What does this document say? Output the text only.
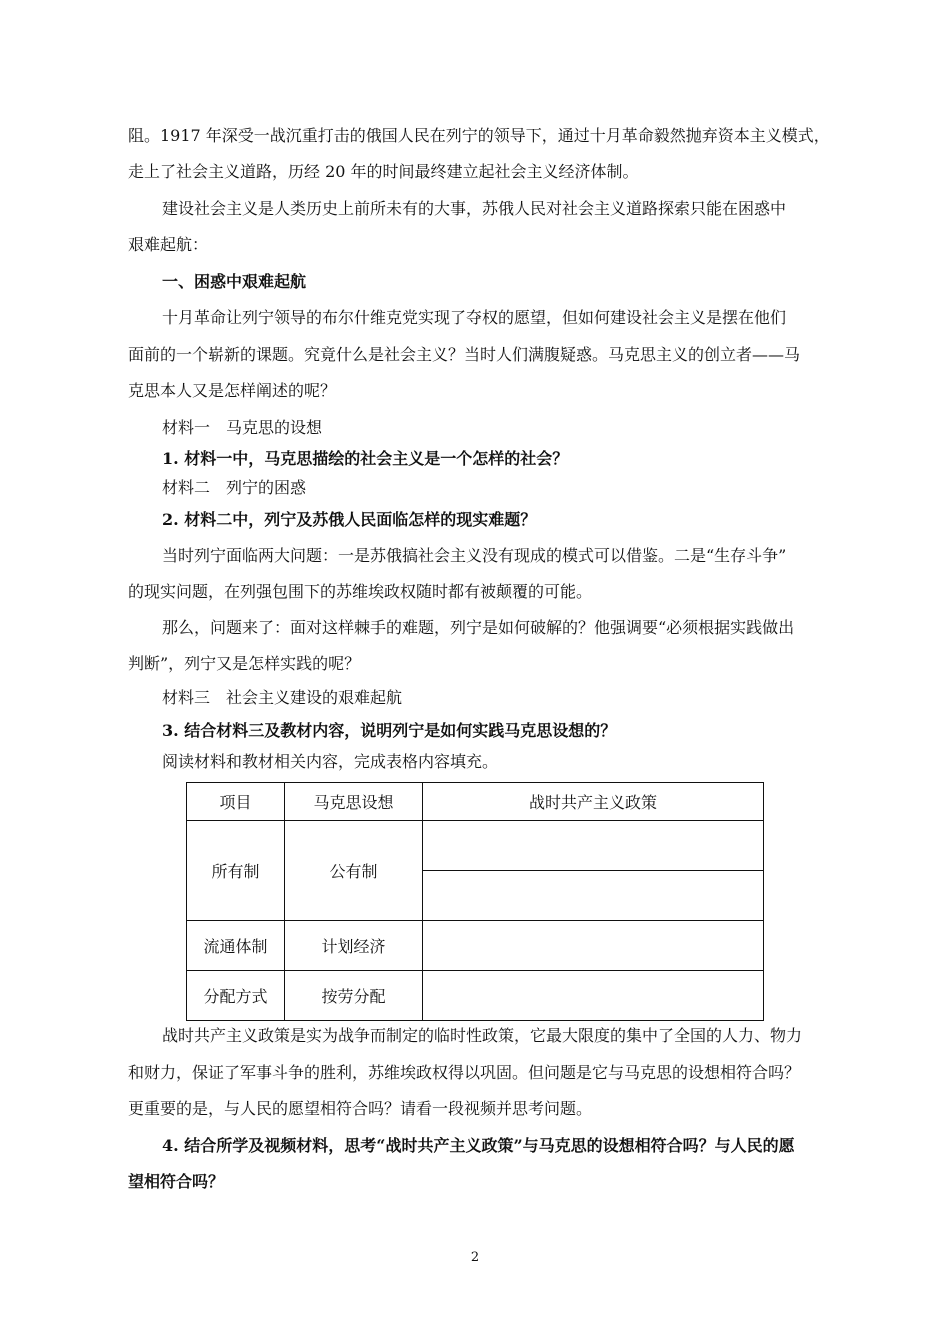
阻。1917 年深受一战沉重打击的俄国人民在列宁的领导下，通过十月革命毅然抛弃资本主义模式，
走上了社会主义道路，历经 20 年的时间最终建立起社会主义经济体制。
建设社会主义是人类历史上前所未有的大事，苏俄人民对社会主义道路探索只能在困惑中
艰难起航：
一、困惑中艰难起航
十月革命让列宁领导的布尔什维克党实现了夺权的愿望，但如何建设社会主义是摆在他们
面前的一个崭新的课题。究竟什么是社会主义？当时人们满腹疑惑。马克思主义的创立者——马
克思本人又是怎样阐述的呢？
材料一　马克思的设想
1. 材料一中，马克思描绘的社会主义是一个怎样的社会？
材料二　列宁的困惑
2. 材料二中，列宁及苏俄人民面临怎样的现实难题？
当时列宁面临两大问题：一是苏俄搞社会主义没有现成的模式可以借鉴。二是“生存斗争”
的现实问题，在列强包围下的苏维埃政权随时都有被颠覆的可能。
那么，问题来了：面对这样棘手的难题，列宁是如何破解的？他强调要“必须根据实践做出
判断”，列宁又是怎样实践的呢？
材料三　社会主义建设的艰难起航
3. 结合材料三及教材内容，说明列宁是如何实践马克思设想的？
阅读材料和教材相关内容，完成表格内容填充。
项目	马克思设想	战时共产主义政策
所有制	公有制	

流通体制	计划经济	
分配方式	按劳分配	
战时共产主义政策是实为战争而制定的临时性政策，它最大限度的集中了全国的人力、物力
和财力，保证了军事斗争的胜利，苏维埃政权得以巩固。但问题是它与马克思的设想相符合吗？
更重要的是，与人民的愿望相符合吗？请看一段视频并思考问题。
4. 结合所学及视频材料，思考“战时共产主义政策”与马克思的设想相符合吗？与人民的愿
望相符合吗？
2
